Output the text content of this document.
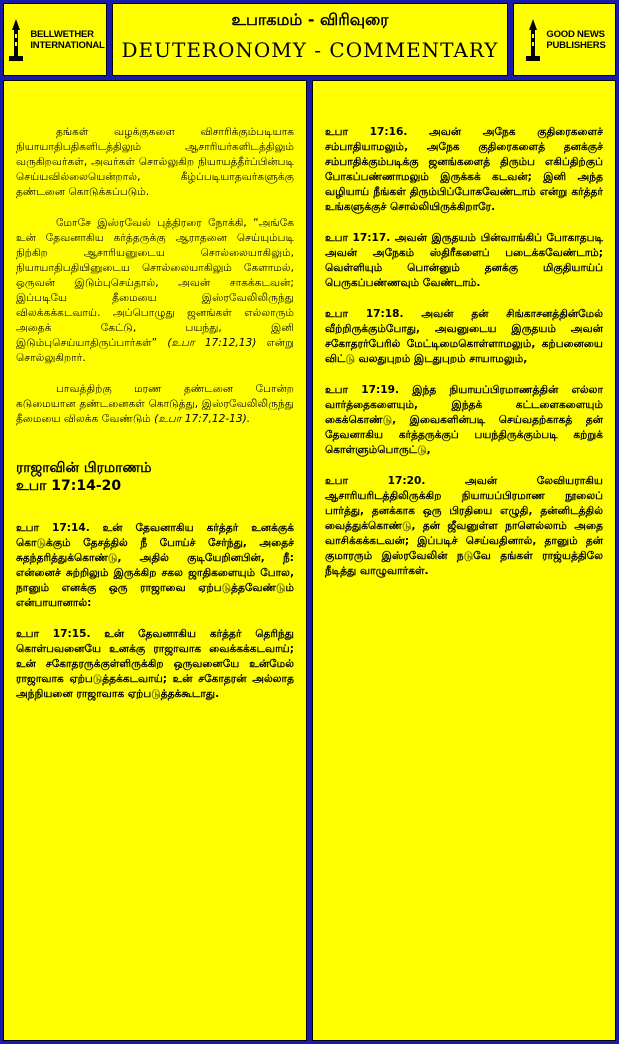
BELLWETHER
INTERNATIONAL
உபாகமம் - விரிவுரை
DEUTERONOMY - COMMENTARY
GOOD NEWS
PUBLISHERS

தங்கள் வழக்குகளை விசாரிக்கும்படியாக நியாயாதிபதிகளிடத்திலும் ஆசாரியர்களிடத்திலும் வருகிறவர்கள், அவர்கள் சொல்லுகிற நியாயத்தீர்ப்பின்படி செய்யவில்லையென்றால், கீழ்ப்படியாதவர்களுக்கு தண்டனை கொடுக்கப்படும்.

மோசே இஸ்ரவேல் புத்திரரை நோக்கி, “அங்கே உன் தேவனாகிய கர்த்தருக்கு ஆராதனை செய்யும்படி நிற்கிற ஆசாரியனுடைய சொல்லையாகிலும், நியாயாதிபதியினுடைய சொல்லையாகிலும் கேளாமல், ஒருவன் இடும்புசெய்தால், அவன் சாகக்கடவன்; இப்படியே தீமையை இஸ்ரவேலிலிருந்து விலக்கக்கடவாய். அப்பொழுது ஜனங்கள் எல்லாரும் அதைக் கேட்டு, பயந்து, இனி இடும்புசெய்யாதிருப்பார்கள்” (உபா 17:12,13) என்று சொல்லுகிறார்.

பாவத்திற்கு மரண தண்டனை போன்ற கடுமையான தண்டனைகள் கொடுத்து, இஸ்ரவேலிலிருந்து தீமையை விலக்க வேண்டும் (உபா 17:7,12-13).

ராஜாவின் பிரமாணம்

உபா 17:14-20

உபா 17:14. உன் தேவனாகிய கர்த்தர் உனக்குக் கொடுக்கும் தேசத்தில் நீ போய்ச் சேர்ந்து, அதைச் சுதந்தரித்துக்கொண்டு, அதில் குடியேறினபின், நீ: என்னைச் சுற்றிலும் இருக்கிற சகல ஜாதிகளையும் போல, நானும் எனக்கு ஒரு ராஜாவை ஏற்படுத்தவேண்டும் என்பாயானால்:

உபா 17:15. உன் தேவனாகிய கர்த்தர் தெரிந்து கொள்பவனையே உனக்கு ராஜாவாக வைக்கக்கடவாய்; உன் சகோதரருக்குள்ளிருக்கிற ஒருவனையே உன்மேல் ராஜாவாக ஏற்படுத்தக்கடவாய்; உன் சகோதரன் அல்லாத அந்நியனை ராஜாவாக ஏற்படுத்தக்கூடாது.

உபா 17:16. அவன் அநேக குதிரைகளைச் சம்பாதியாமலும், அநேக குதிரைகளைத் தனக்குச் சம்பாதிக்கும்படிக்கு ஜனங்களைத் திரும்ப எகிப்திற்குப் போகப்பண்ணாமலும் இருக்கக் கடவன்; இனி அந்த வழியாய் நீங்கள் திரும்பிப்போகவேண்டாம் என்று கர்த்தர் உங்களுக்குச் சொல்லியிருக்கிறாரே.

உபா 17:17. அவன் இருதயம் பின்வாங்கிப் போகாதபடி அவன் அநேகம் ஸ்திரீகளைப் படைக்கவேண்டாம்; வெள்ளியும் பொன்னும் தனக்கு மிகுதியாய்ப் பெருகப்பண்ணவும் வேண்டாம்.

உபா 17:18. அவன் தன் சிங்காசனத்தின்மேல் வீற்றிருக்கும்போது, அவனுடைய இருதயம் அவன் சகோதரர்பேரில் மேட்டிமைகொள்ளாமலும், கற்பனையை விட்டு வலதுபுறம் இடதுபுறம் சாயாமலும்,

உபா 17:19. இந்த நியாயப்பிரமாணத்தின் எல்லா வார்த்தைகளையும், இந்தக் கட்டளைகளையும் கைக்கொண்டு, இவைகளின்படி செய்வதற்காகத் தன் தேவனாகிய கர்த்தருக்குப் பயந்திருக்கும்படி கற்றுக் கொள்ளும்பொருட்டு,

உபா 17:20. அவன் லேவியராகிய ஆசாரியரிடத்திலிருக்கிற நியாயப்பிரமாண நூலைப் பார்த்து, தனக்காக ஒரு பிரதியை எழுதி, தன்னிடத்தில் வைத்துக்கொண்டு, தன் ஜீவனுள்ள நாளெல்லாம் அதை வாசிக்கக்கடவன்; இப்படிச் செய்வதினால், தானும் தன் குமாரரும் இஸ்ரவேலின் நடுவே தங்கள் ராஜ்யத்திலே நீடித்து வாழுவார்கள்.
